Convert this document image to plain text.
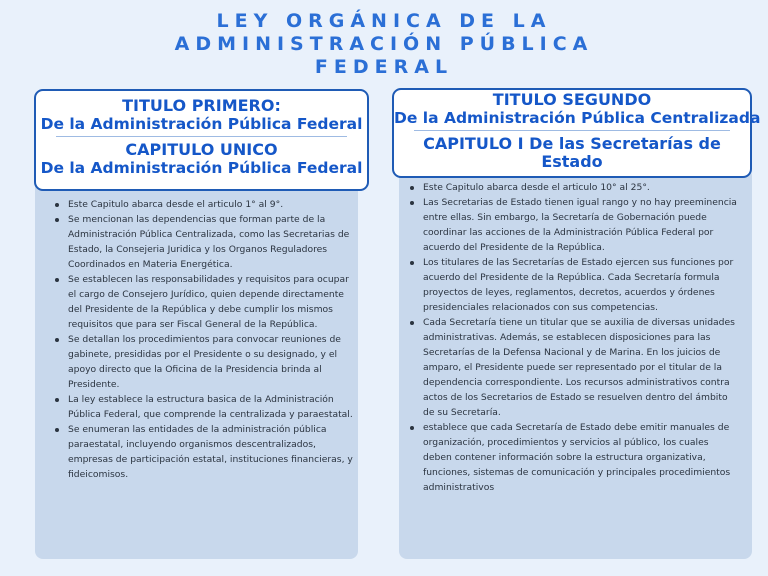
LEY ORGÁNICA DE LA
ADMINISTRACIÓN PÚBLICA
FEDERAL
TITULO PRIMERO:
De la Administración Pública Federal
CAPITULO UNICO
De la Administración Pública Federal
TITULO SEGUNDO
De la Administración Pública Centralizada
CAPITULO I De las Secretarías de
Estado
Este Capitulo abarca desde el articulo 1° al 9°.
Se mencionan las dependencias que forman parte de la Administración Pública Centralizada, como las Secretarias de Estado, la Consejeria Juridica y los Organos Reguladores Coordinados en Materia Energética.
Se establecen las responsabilidades y requisitos para ocupar el cargo de Consejero Jurídico, quien depende directamente del Presidente de la República y debe cumplir los mismos requisitos que para ser Fiscal General de la República.
Se detallan los procedimientos para convocar reuniones de gabinete, presididas por el Presidente o su designado, y el apoyo directo que la Oficina de la Presidencia brinda al Presidente.
La ley establece la estructura basica de la Administración Pública Federal, que comprende la centralizada y paraestatal.
Se enumeran las entidades de la administración pública paraestatal, incluyendo organismos descentralizados, empresas de participación estatal, instituciones financieras, y fideicomisos.
Este Capitulo abarca desde el articulo 10° al 25°.
Las Secretarias de Estado tienen igual rango y no hay preeminencia entre ellas. Sin embargo, la Secretaría de Gobernación puede coordinar las acciones de la Administración Pública Federal por acuerdo del Presidente de la República.
Los titulares de las Secretarías de Estado ejercen sus funciones por acuerdo del Presidente de la República. Cada Secretaría formula proyectos de leyes, reglamentos, decretos, acuerdos y órdenes presidenciales relacionados con sus competencias.
Cada Secretaría tiene un titular que se auxilia de diversas unidades administrativas. Además, se establecen disposiciones para las Secretarías de la Defensa Nacional y de Marina. En los juicios de amparo, el Presidente puede ser representado por el titular de la dependencia correspondiente. Los recursos administrativos contra actos de los Secretarios de Estado se resuelven dentro del ámbito de su Secretaría.
establece que cada Secretaría de Estado debe emitir manuales de organización, procedimientos y servicios al público, los cuales deben contener información sobre la estructura organizativa, funciones, sistemas de comunicación y principales procedimientos administrativos
